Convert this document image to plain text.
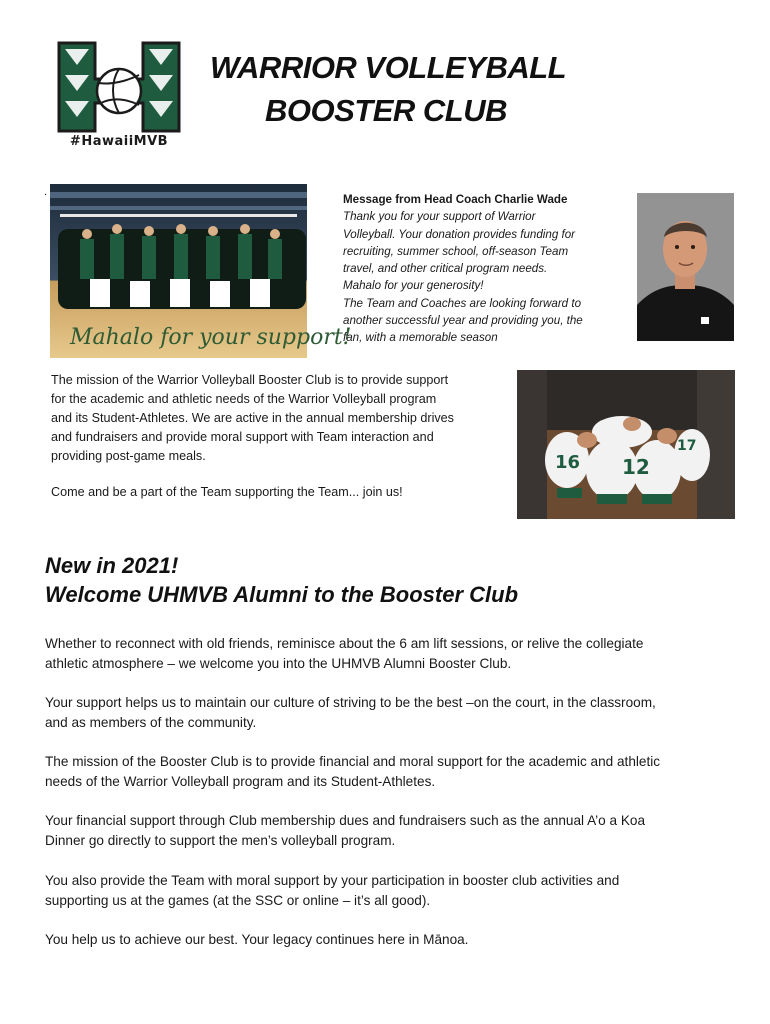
#HawaiiMVB
WARRIOR VOLLEYBALL
BOOSTER CLUB
.
Mahalo for your support!
Message from Head Coach Charlie Wade
Thank you for your support of Warrior
Volleyball. Your donation provides funding for
recruiting, summer school, off-season Team
travel, and other critical program needs.
Mahalo for your generosity!
The Team and Coaches are looking forward to
another successful year and providing you, the
fan, with a memorable season
The mission of the Warrior Volleyball Booster Club is to provide support
for the academic and athletic needs of the Warrior Volleyball program
and its Student-Athletes. We are active in the annual membership drives
and fundraisers and provide moral support with Team interaction and
providing post-game meals.
Come and be a part of the Team supporting the Team... join us!
16 12
17
New in 2021!
Welcome UHMVB Alumni to the Booster Club
Whether to reconnect with old friends, reminisce about the 6 am lift sessions, or relive the collegiate
athletic atmosphere – we welcome you into the UHMVB Alumni Booster Club.
Your support helps us to maintain our culture of striving to be the best –on the court, in the classroom,
and as members of the community.
The mission of the Booster Club is to provide financial and moral support for the academic and athletic
needs of the Warrior Volleyball program and its Student-Athletes.
Your financial support through Club membership dues and fundraisers such as the annual A’o a Koa
Dinner go directly to support the men’s volleyball program.
You also provide the Team with moral support by your participation in booster club activities and
supporting us at the games (at the SSC or online – it’s all good).
You help us to achieve our best. Your legacy continues here in Mānoa.
